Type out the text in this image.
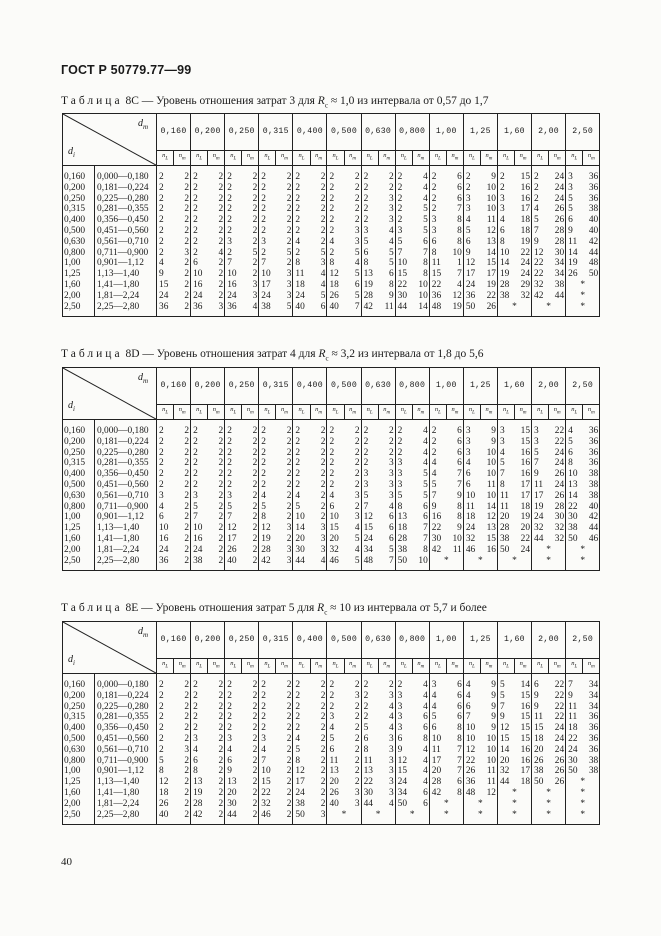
ГОСТ Р 50779.77—99
Таблица 8С — Уровень отношения затрат 3 для $R_c \approx 1,0$ из интервала от 0,57 до 1,7
$d_т$
$d_i$		0,160		0,200		0,250		0,315		0,400		0,500		0,630		0,800		1,00		1,25		1,60		2,00		2,50	
		$n_L$	$n_т$	$n_L$	$n_т$	$n_L$	$n_т$	$n_L$	$n_т$	$n_L$	$n_т$	$n_L$	$n_т$	$n_L$	$n_т$	$n_L$	$n_т$	$n_L$	$n_т$	$n_L$	$n_т$	$n_L$	$n_т$	$n_L$	$n_т$	$n_L$	$n_т$

0,160	0,000—0,180	2	2	2	2	2	2	2	2	2	2	2	2	2	2	2	4	2	6	2	9	2	15	2	24	3	36
0,200	0,181—0,224	2	2	2	2	2	2	2	2	2	2	2	2	2	2	2	4	2	6	2	10	2	16	2	24	3	36
0,250	0,225—0,280	2	2	2	2	2	2	2	2	2	2	2	2	2	3	2	4	2	6	3	10	3	16	2	24	5	36
0,315	0,281—0,355	2	2	2	2	2	2	2	2	2	2	2	2	2	3	2	5	2	7	3	10	3	17	4	26	5	38
0,400	0,356—0,450	2	2	2	2	2	2	2	2	2	2	2	2	2	3	2	5	3	8	4	11	4	18	5	26	6	40
0,500	0,451—0,560	2	2	2	2	2	2	2	2	2	2	2	3	3	4	3	5	3	8	5	12	6	18	7	28	9	40
0,630	0,561—0,710	2	2	2	2	3	2	3	2	4	2	4	3	5	4	5	6	6	8	6	13	8	19	9	28	11	42
0,800	0,711—0,900	2	3	2	4	2	5	2	5	2	5	2	5	6	5	7	7	8	10	9	14	10	22	12	30	14	44
1,00	0,901—1,12	4	2	6	2	7	2	7	2	8	3	8	4	8	5	10	8	11	1	12	15	14	24	22	34	19	48
1,25	1,13—1,40	9	2	10	2	10	2	10	3	11	4	12	5	13	6	15	8	15	7	17	17	19	24	22	34	26	50
1,60	1,41—1,80	15	2	16	2	16	3	17	3	18	4	18	6	19	8	22	10	22	4	24	19	28	29	32	38	*	
2,00	1,81—2,24	24	2	24	2	24	3	24	3	24	5	26	5	28	9	30	10	36	12	36	22	38	32	42	44	*	
2,50	2,25—2,80	36	2	36	3	36	4	38	5	40	6	40	7	42	11	44	14	48	19	50	26	*		*		*	

Таблица 8D — Уровень отношения затрат 4 для $R_c \approx 3,2$ из интервала от 1,8 до 5,6
$d_т$
$d_i$		0,160		0,200		0,250		0,315		0,400		0,500		0,630		0,800		1,00		1,25		1,60		2,00		2,50	
		$n_L$	$n_т$	$n_L$	$n_т$	$n_L$	$n_т$	$n_L$	$n_т$	$n_L$	$n_т$	$n_L$	$n_т$	$n_L$	$n_т$	$n_L$	$n_т$	$n_L$	$n_т$	$n_L$	$n_т$	$n_L$	$n_т$	$n_L$	$n_т$	$n_L$	$n_т$

0,160	0,000—0,180	2	2	2	2	2	2	2	2	2	2	2	2	2	2	2	4	2	6	3	9	3	15	3	22	4	36
0,200	0,181—0,224	2	2	2	2	2	2	2	2	2	2	2	2	2	2	2	4	2	6	3	9	3	15	3	22	5	36
0,250	0,225—0,280	2	2	2	2	2	2	2	2	2	2	2	2	2	2	2	4	2	6	3	10	4	16	5	24	6	36
0,315	0,281—0,355	2	2	2	2	2	2	2	2	2	2	2	2	2	3	3	4	4	6	4	10	5	16	7	24	8	36
0,400	0,356—0,450	2	2	2	2	2	2	2	2	2	2	2	2	3	3	3	5	4	7	6	10	7	16	9	26	10	38
0,500	0,451—0,560	2	2	2	2	2	2	2	2	2	2	2	2	3	3	3	5	5	7	6	11	8	17	11	24	13	38
0,630	0,561—0,710	3	2	3	2	3	2	4	2	4	2	4	3	5	3	5	5	7	9	10	10	11	17	17	26	14	38
0,800	0,711—0,900	4	2	5	2	5	2	5	2	5	2	6	2	7	4	8	6	9	8	11	14	11	18	19	28	22	40
1,00	0,901—1,12	6	2	7	2	7	2	8	2	10	2	10	3	12	6	13	6	16	8	18	12	20	19	24	30	30	42
1,25	1,13—1,40	10	2	10	2	12	2	12	3	14	3	15	4	15	6	18	7	22	9	24	13	28	20	32	32	38	44
1,60	1,41—1,80	16	2	16	2	17	2	19	2	20	3	20	5	24	6	28	7	30	10	32	15	38	22	44	32	50	46
2,00	1,81—2,24	24	2	24	2	26	2	28	3	30	3	32	4	34	5	38	8	42	11	46	16	50	24	*		*	
2,50	2,25—2,80	36	2	38	2	40	2	42	3	44	4	46	5	48	7	50	10	*		*		*		*		*	

Таблица 8Е — Уровень отношения затрат 5 для $R_c \approx 10$ из интервала от 5,7 и более
$d_т$
$d_i$		0,160		0,200		0,250		0,315		0,400		0,500		0,630		0,800		1,00		1,25		1,60		2,00		2,50	
		$n_L$	$n_т$	$n_L$	$n_т$	$n_L$	$n_т$	$n_L$	$n_т$	$n_L$	$n_т$	$n_L$	$n_т$	$n_L$	$n_т$	$n_L$	$n_т$	$n_L$	$n_т$	$n_L$	$n_т$	$n_L$	$n_т$	$n_L$	$n_т$	$n_L$	$n_т$

0,160	0,000—0,180	2	2	2	2	2	2	2	2	2	2	2	2	2	2	2	4	3	6	4	9	5	14	6	22	7	34
0,200	0,181—0,224	2	2	2	2	2	2	2	2	2	2	2	3	2	3	3	4	4	6	4	9	5	15	9	22	9	34
0,250	0,225—0,280	2	2	2	2	2	2	2	2	2	2	2	2	2	4	3	4	4	6	6	9	7	16	9	22	11	34
0,315	0,281—0,355	2	2	2	2	2	2	2	2	2	2	3	2	2	4	3	6	5	6	7	9	9	15	11	22	11	36
0,400	0,356—0,450	2	2	2	2	2	2	2	2	2	2	4	2	5	4	3	6	6	8	10	9	12	15	15	24	18	36
0,500	0,451—0,560	2	2	3	2	3	2	3	2	4	2	5	2	6	3	6	8	10	8	10	10	15	15	18	24	22	36
0,630	0,561—0,710	2	3	4	2	4	2	4	2	5	2	6	2	8	3	9	4	11	7	12	10	14	16	20	24	24	36
0,800	0,711—0,900	5	2	6	2	6	2	7	2	8	2	11	2	11	3	12	4	17	7	22	10	20	16	26	26	30	38
1,00	0,901—1,12	8	2	8	2	9	2	10	2	12	2	13	2	13	3	15	4	20	7	26	11	32	17	38	26	50	38
1,25	1,13—1,40	12	2	13	2	13	2	15	2	17	2	20	2	22	3	24	4	28	6	36	11	44	18	50	26	*	
1,60	1,41—1,80	18	2	19	2	20	2	22	2	24	2	26	3	30	3	34	6	42	8	48	12	*		*		*	
2,00	1,81—2,24	26	2	28	2	30	2	32	2	38	2	40	3	44	4	50	6	*		*		*		*		*	
2,50	2,25—2,80	40	2	42	2	44	2	46	2	50	3	*		*		*		*		*		*		*		*	

40
